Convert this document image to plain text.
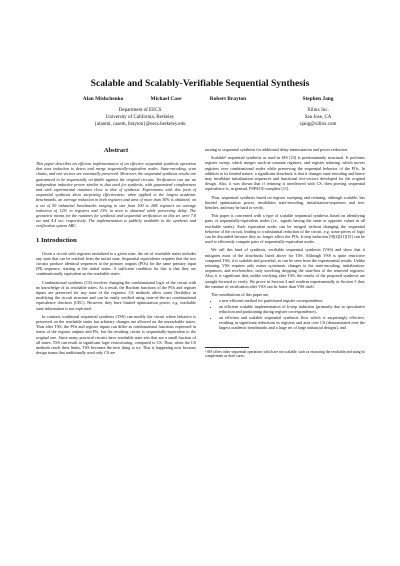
Scalable and Scalably-Verifiable Sequential Synthesis
Alan Mishchenko	Michael Case	Robert Brayton	Stephen Jang
Department of EECS
University of California, Berkeley
{alanmi, casem, brayton}@eecs.berkeley.edu
Xilinx Inc.
San Jose, CA
sjang@xilinx.com
Abstract

This paper describes an efficient implementation of an effective sequential synthesis operation that uses induction to detect and merge sequentially-equivalent nodes. State-encoding, scan chains, and test vectors are essentially preserved. Moreover, the sequential synthesis results are guaranteed to be sequentially verifiable against the original circuits. Verification can use an independent inductive prover similar to that used for synthesis, with guaranteed completeness and with experimental runtimes close to that of synthesis. Experiments with this form of sequential synthesis show surprising effectiveness: when applied to the largest academic benchmarks, an average reduction in both registers and area of more than 30% is obtained; on a set of 50 industrial benchmarks ranging in size from 100 to 20K registers an average reduction of 12% in registers and 15% in area is obtained while preserving delay. The geometric means for the runtimes for synthesis and sequential verification on this set were 7.8 sec and 4.4 sec, respectively. The implementation is publicly available in the synthesis and verification system ABC.

1 Introduction

Given a circuit with registers initialized to a given state, the set of reachable states includes any state that can be reached from the initial state. Sequential equivalence requires that the two circuits produce identical sequences at the primary outputs (POs) for the same primary input (PI) sequence, starting at the initial states. A sufficient condition for this is that they are combinationally equivalent on the reachable states.

Combinational synthesis (CS) involves changing the combinational logic of the circuit with no knowledge of its reachable states. As a result, the Boolean functions of the POs and register inputs are preserved for any state of the registers. CS methods allow some flexibility in modifying the circuit structure and can be easily verified using state-of-the-art combinational equivalence checkers (CEC). However, they have limited optimization power, e.g. reachable state information is not exploited.

In contrast, traditional sequential synthesis (TSS) can modify the circuit where behavior is preserved on the reachable states but arbitrary changes are allowed on the unreachable states. Thus after TSS, the POs and register inputs can differ as combinational functions expressed in terms of the register outputs and PIs, but the resulting circuit is sequentially-equivalent to the original one. Since many practical circuits have reachable state sets that are a small fraction of all states, TSS can result in significant logic restructuring, compared to CS. Thus, when the CS methods reach their limits, TSS becomes the next thing to try. This is happening now because design teams that traditionally used only CS are

turning to sequential synthesis for additional delay minimization and power reduction.

Scalable¹ sequential synthesis as used in SIS [23] is predominantly structural. It performs register sweep, which merges stuck-at-constant registers, and register retiming, which moves registers over combinational nodes while preserving the sequential behavior of the POs. In addition to its limited nature, a significant drawback is that it changes state encoding and hence may invalidate initialization sequences and functional test-vectors developed for the original design. Also, it was shown that if retiming is interleaved with CS, then proving sequential equivalence is, in general, PSPACE-complete [11].

Thus, sequential synthesis based on register sweeping and retiming, although scalable, has limited optimization power, invalidates state-encoding, initialization-sequences and test-benches, and may be hard to verify.

This paper is concerned with a type of scalable sequential synthesis based on identifying pairs of sequentially-equivalent nodes (i.e., signals having the same or opposite values in all reachable states). Such equivalent nodes can be merged without changing the sequential behavior of the circuit, leading to a substantial reduction of the circuit, e.g. some pieces of logic can be discarded because they no longer affect the POs. k-step induction [9][4][21][15] can be used to efficiently compute pairs of sequentially-equivalent nodes.

We call this kind of synthesis, verifiable sequential synthesis (VSS) and show that it mitigates most of the drawbacks listed above for TSS. Although VSS is quite restrictive compared TSS, it is scalable and powerful, as can be seen from the experimental results. Unlike retiming, VSS requires only minor systematic changes to the state-encoding, initialization-sequences, and test-benches, only involving dropping the state-bits of the removed registers. Also, it is significant that, unlike verifying after TSS, the results of the proposed synthesis are straight-forward to verify. We prove in Section 4 and confirm experimentally in Section 5 that, the runtime of verification after VSS can be faster than VSS itself.

The contributions of this paper are,

• a new efficient method for partitioned register correspondence,
• an efficient scalable implementation of k-step induction (primarily due to speculative reduction and partitioning during register correspondence),
• an efficient and scalable sequential synthesis flow which is surprisingly effective, resulting in significant reductions in registers and area over CS (demonstrated over the largest academic benchmarks and a large set of large industrial designs), and

¹ SIS offers other sequential operations which are not scalable, such as extracting the reachable and using its complement as don't cares.
